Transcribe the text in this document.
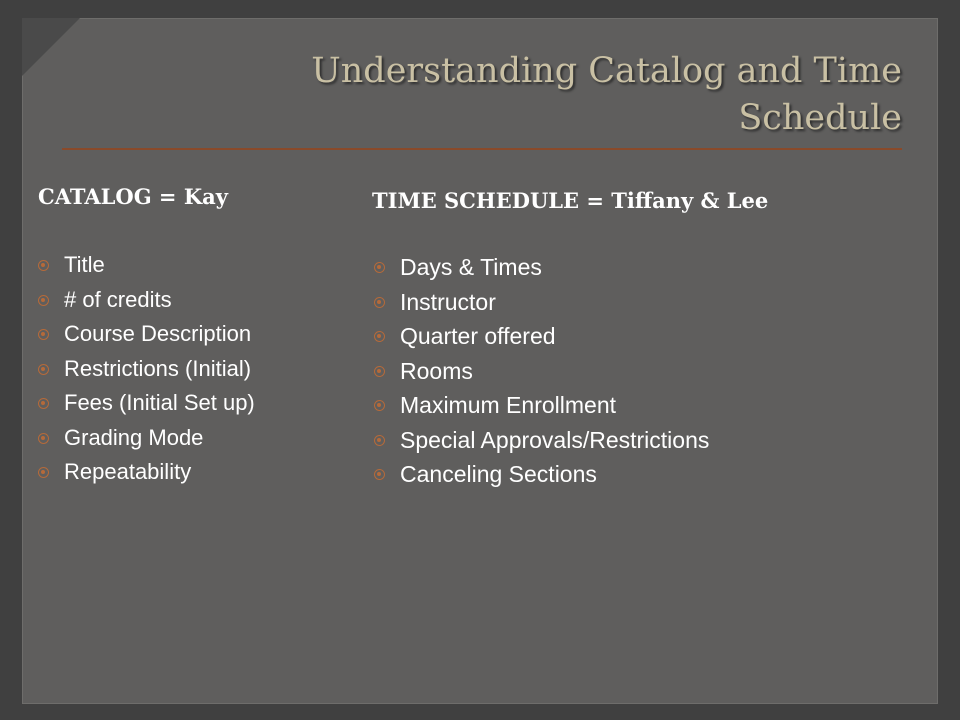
Understanding Catalog and Time Schedule
CATALOG = Kay
Title
# of credits
Course Description
Restrictions (Initial)
Fees (Initial Set up)
Grading Mode
Repeatability
TIME SCHEDULE = Tiffany & Lee
Days & Times
Instructor
Quarter offered
Rooms
Maximum Enrollment
Special Approvals/Restrictions
Canceling Sections
